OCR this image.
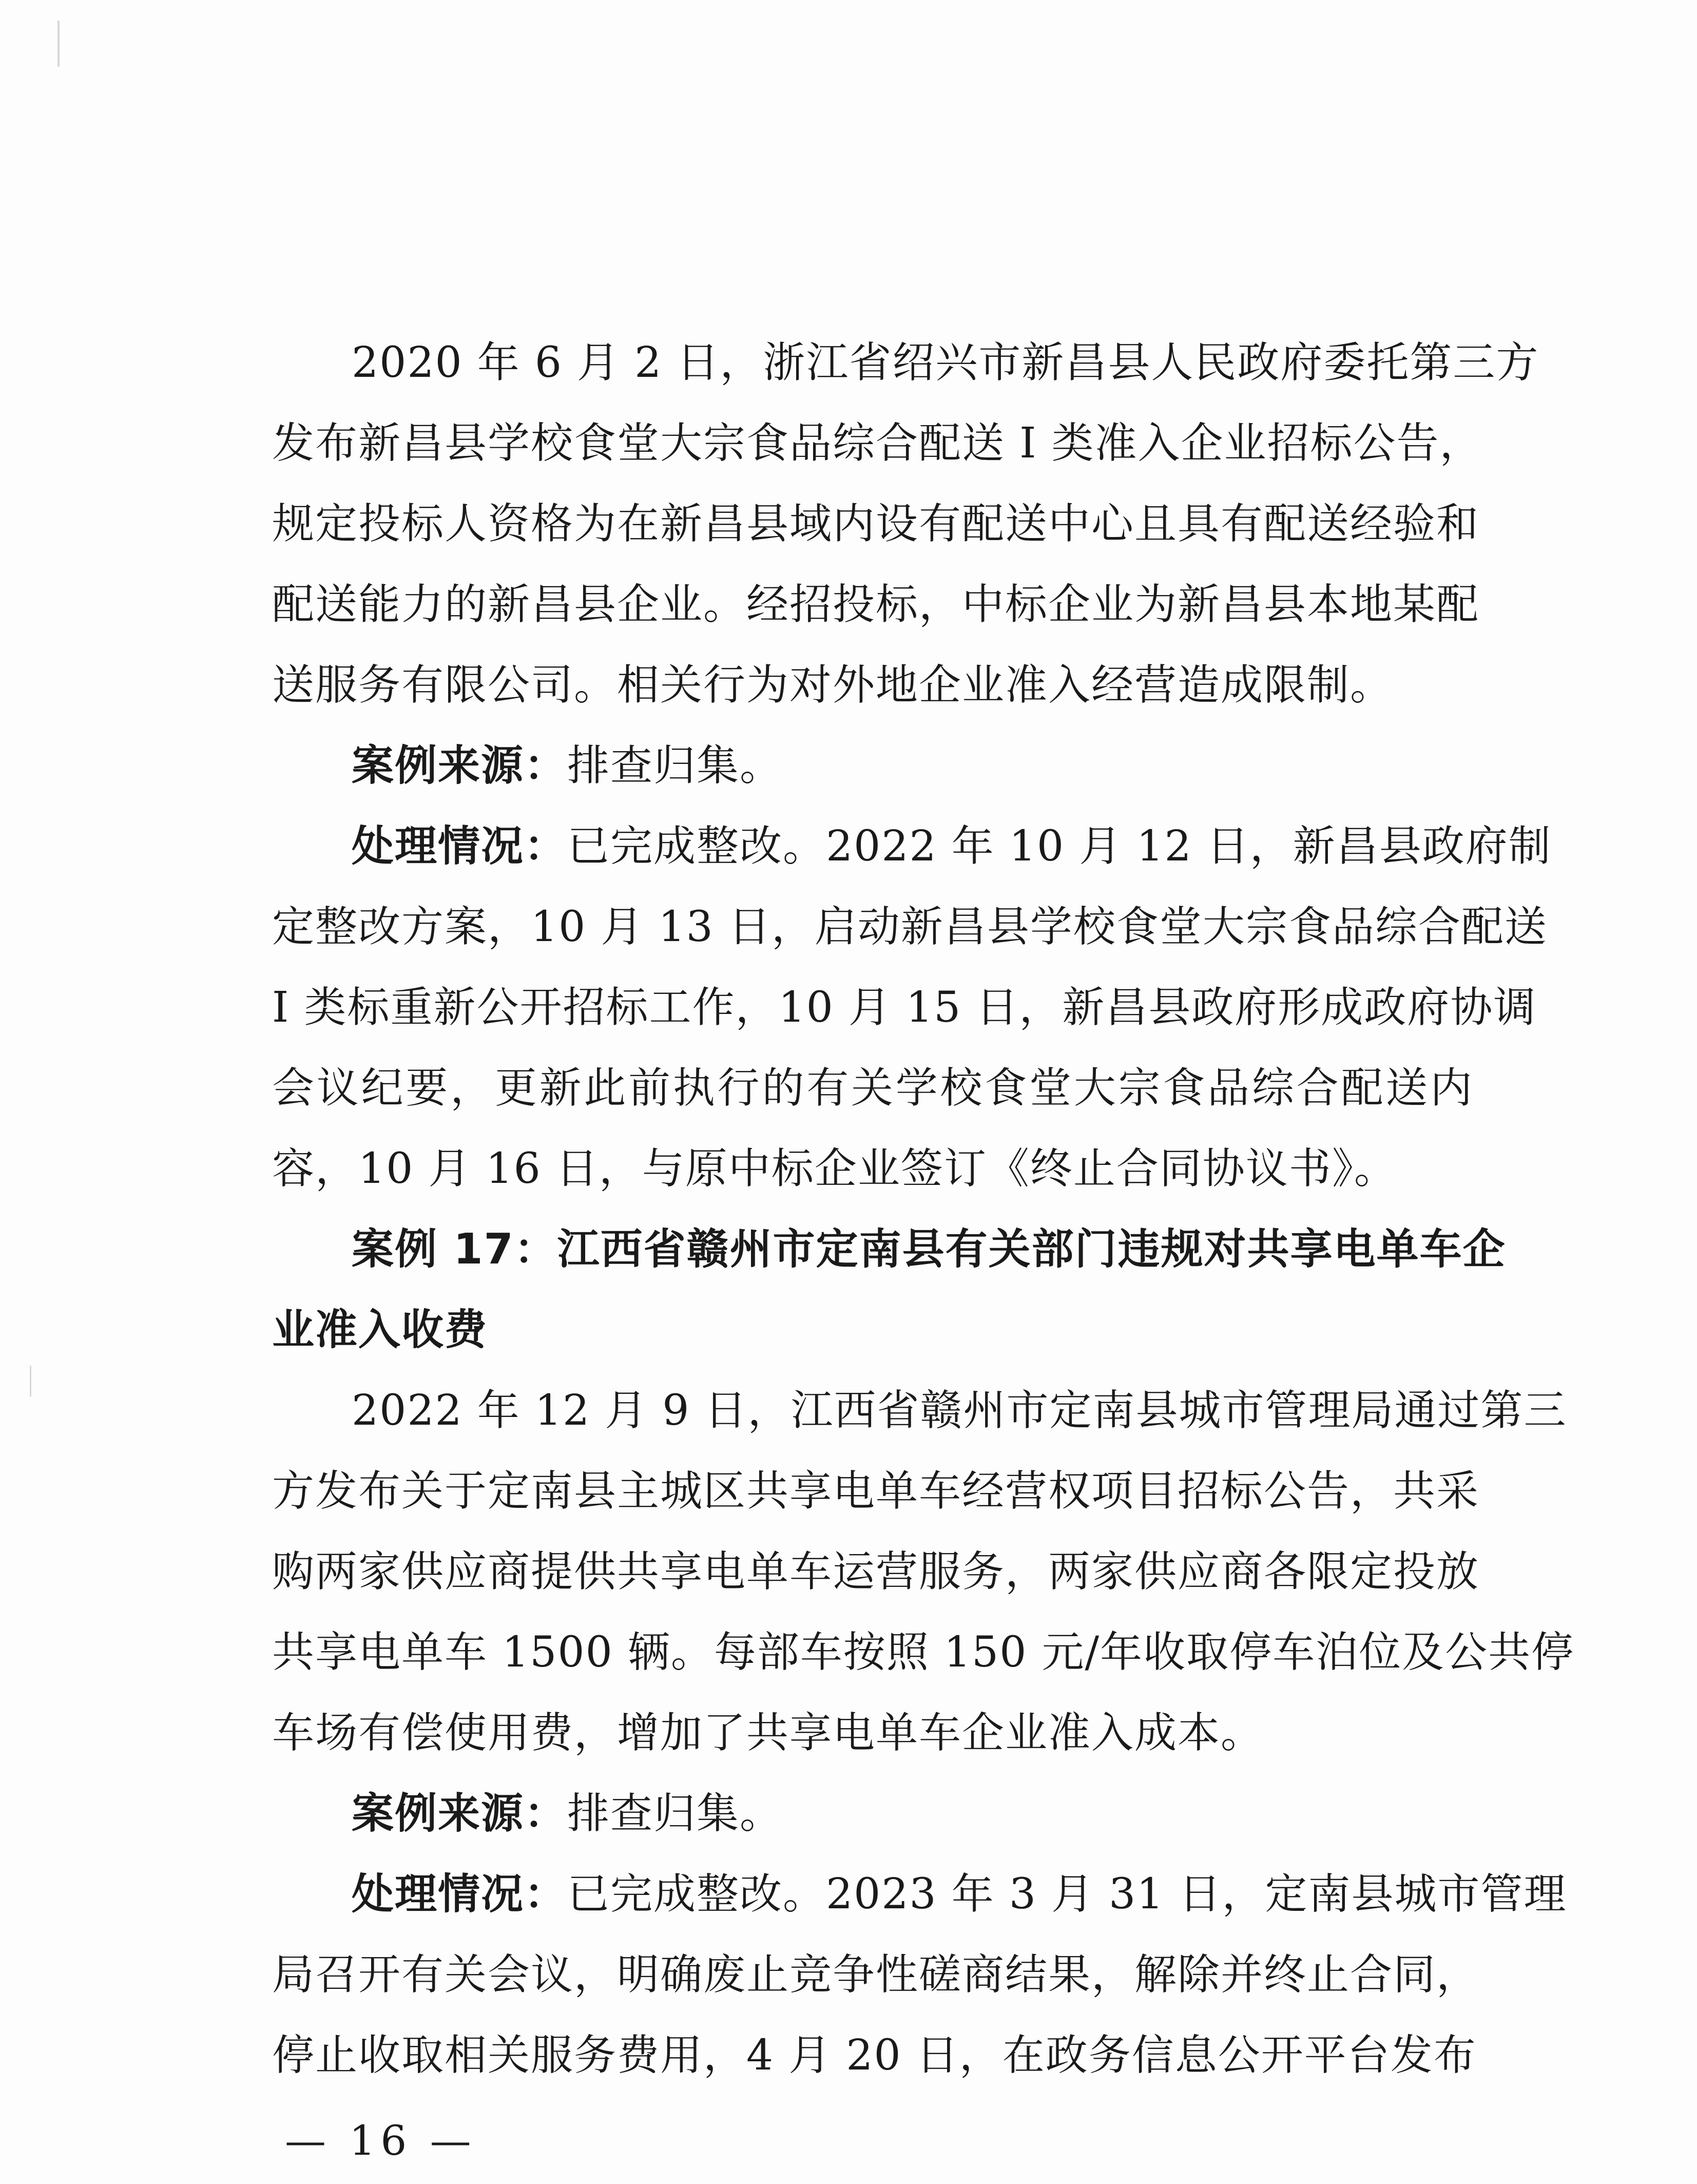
2020 年 6 月 2 日，浙江省绍兴市新昌县人民政府委托第三方
发布新昌县学校食堂大宗食品综合配送 I 类准入企业招标公告，
规定投标人资格为在新昌县域内设有配送中心且具有配送经验和
配送能力的新昌县企业。经招投标，中标企业为新昌县本地某配
送服务有限公司。相关行为对外地企业准入经营造成限制。
案例来源：排查归集。
处理情况：已完成整改。2022 年 10 月 12 日，新昌县政府制
定整改方案，10 月 13 日，启动新昌县学校食堂大宗食品综合配送
I 类标重新公开招标工作，10 月 15 日，新昌县政府形成政府协调
会议纪要，更新此前执行的有关学校食堂大宗食品综合配送内
容，10 月 16 日，与原中标企业签订《终止合同协议书》。
案例 17：江西省赣州市定南县有关部门违规对共享电单车企
业准入收费
2022 年 12 月 9 日，江西省赣州市定南县城市管理局通过第三
方发布关于定南县主城区共享电单车经营权项目招标公告，共采
购两家供应商提供共享电单车运营服务，两家供应商各限定投放
共享电单车 1500 辆。每部车按照 150 元/年收取停车泊位及公共停
车场有偿使用费，增加了共享电单车企业准入成本。
案例来源：排查归集。
处理情况：已完成整改。2023 年 3 月 31 日，定南县城市管理
局召开有关会议，明确废止竞争性磋商结果，解除并终止合同，
停止收取相关服务费用，4 月 20 日，在政务信息公开平台发布
— 16 —
